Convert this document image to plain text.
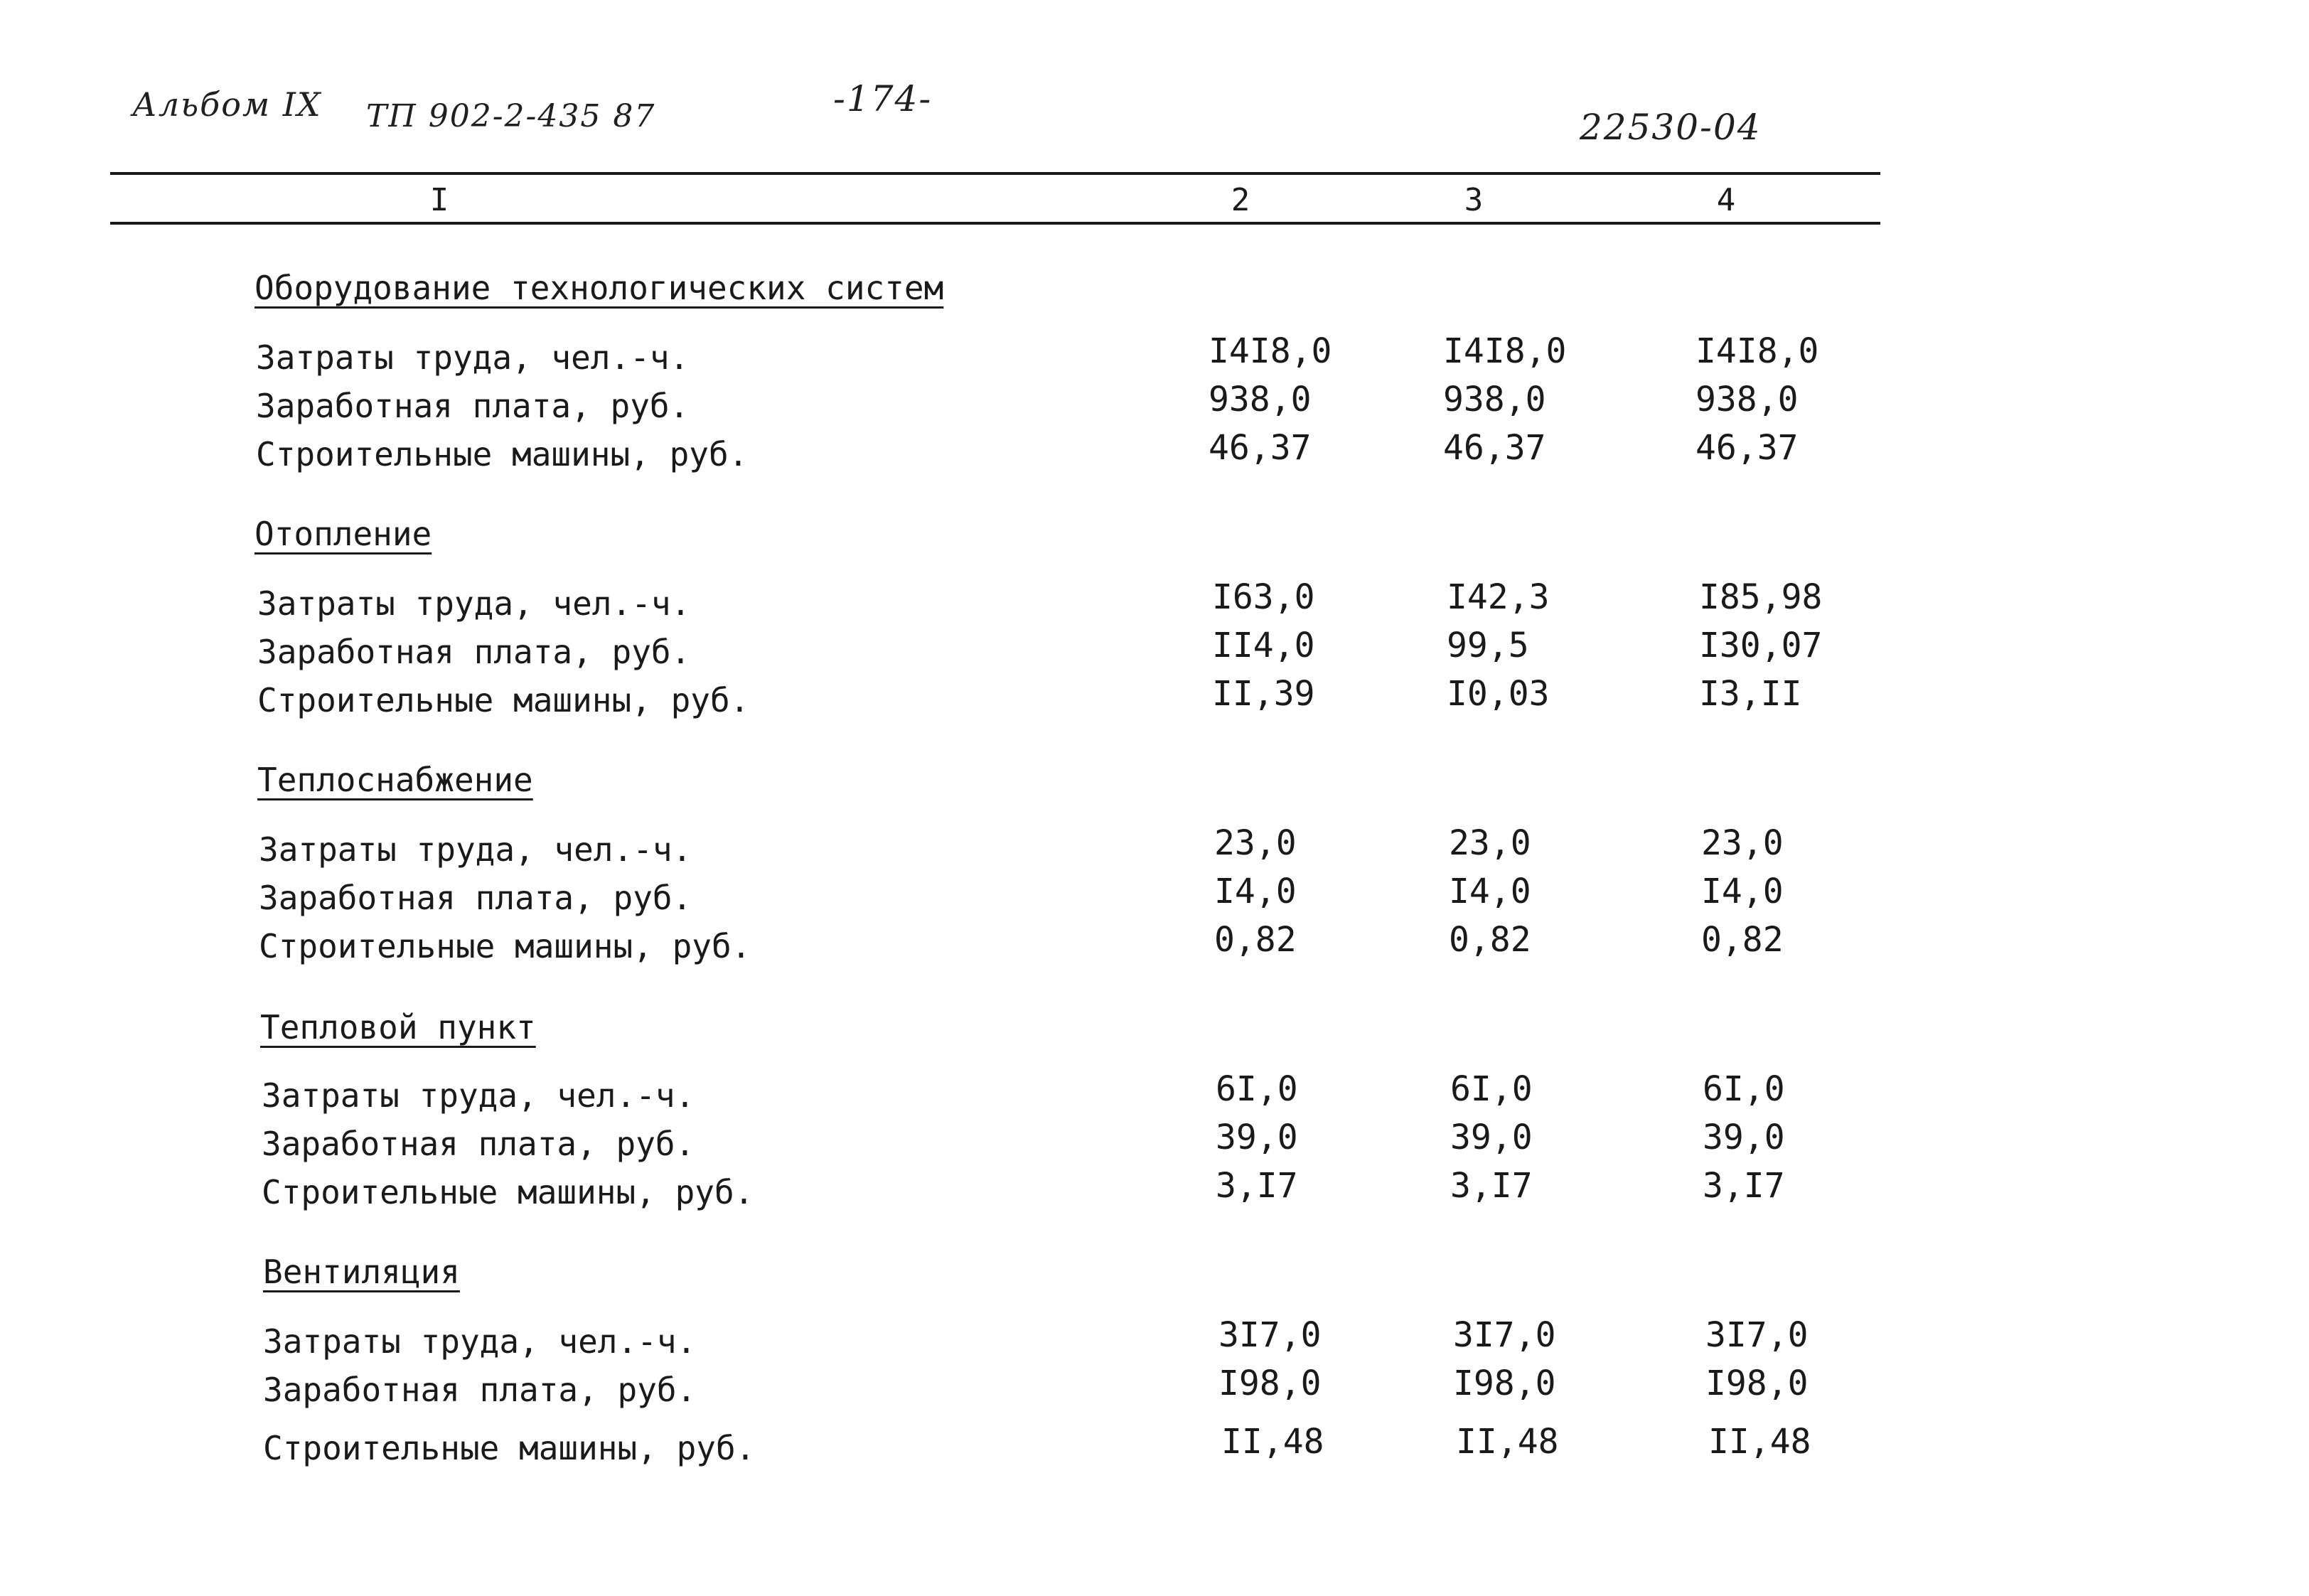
Альбом IX ТП 902-2-435 87	-174-
22530-04
I	2	3	4
Оборудование технологических систем
Затраты труда, чел.-ч.	I4I8,0	I4I8,0	I4I8,0
Заработная плата, руб.	938,0	938,0	938,0
Строительные машины, руб.	46,37	46,37	46,37
Отопление
Затраты труда, чел.-ч.	I63,0	I42,3	I85,98
Заработная плата, руб.	II4,0	99,5	I30,07
Строительные машины, руб.	II,39	I0,03	I3,II
Теплоснабжение
Затраты труда, чел.-ч.	23,0	23,0	23,0
Заработная плата, руб.	I4,0	I4,0	I4,0
Строительные машины, руб.	0,82	0,82	0,82
Тепловой пункт
Затраты труда, чел.-ч.	6I,0	6I,0	6I,0
Заработная плата, руб.	39,0	39,0	39,0
Строительные машины, руб.	3,I7	3,I7	3,I7
Вентиляция
Затраты труда, чел.-ч.	3I7,0	3I7,0	3I7,0
Заработная плата, руб.	I98,0	I98,0	I98,0
Строительные машины, руб.	II,48	II,48	II,48
